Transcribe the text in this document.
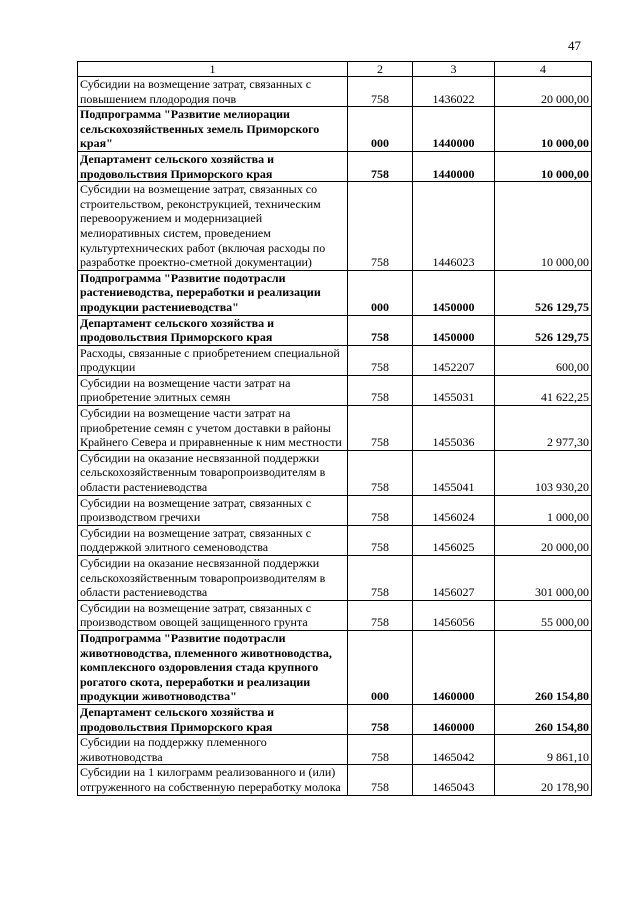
47
1	2	3	4
Субсидии на возмещение затрат, связанных с повышением плодородия почв	758	1436022	20 000,00
Подпрограмма "Развитие мелиорации сельскохозяйственных земель Приморского края"	000	1440000	10 000,00
Департамент сельского хозяйства и продовольствия Приморского края	758	1440000	10 000,00
Субсидии на возмещение затрат, связанных со строительством, реконструкцией, техническим перевооружением и модернизацией мелиоративных систем, проведением культуртехнических работ (включая расходы по разработке проектно-сметной документации)	758	1446023	10 000,00
Подпрограмма "Развитие подотрасли растениеводства, переработки и реализации продукции растениеводства"	000	1450000	526 129,75
Департамент сельского хозяйства и продовольствия Приморского края	758	1450000	526 129,75
Расходы, связанные с приобретением специальной продукции	758	1452207	600,00
Субсидии на возмещение части затрат на приобретение элитных семян	758	1455031	41 622,25
Субсидии на возмещение части затрат на приобретение семян с учетом доставки в районы Крайнего Севера и приравненные к ним местности	758	1455036	2 977,30
Субсидии на оказание несвязанной поддержки сельскохозяйственным товаропроизводителям в области растениеводства	758	1455041	103 930,20
Субсидии на возмещение затрат, связанных с производством гречихи	758	1456024	1 000,00
Субсидии на возмещение затрат, связанных с поддержкой элитного семеноводства	758	1456025	20 000,00
Субсидии на оказание несвязанной поддержки сельскохозяйственным товаропроизводителям в области растениеводства	758	1456027	301 000,00
Субсидии на возмещение затрат, связанных с производством овощей защищенного грунта	758	1456056	55 000,00
Подпрограмма "Развитие подотрасли животноводства, племенного животноводства, комплексного оздоровления стада крупного рогатого скота, переработки и реализации продукции животноводства"	000	1460000	260 154,80
Департамент сельского хозяйства и продовольствия Приморского края	758	1460000	260 154,80
Субсидии на поддержку племенного животноводства	758	1465042	9 861,10
Субсидии на 1 килограмм реализованного и (или) отгруженного на собственную переработку молока	758	1465043	20 178,90
